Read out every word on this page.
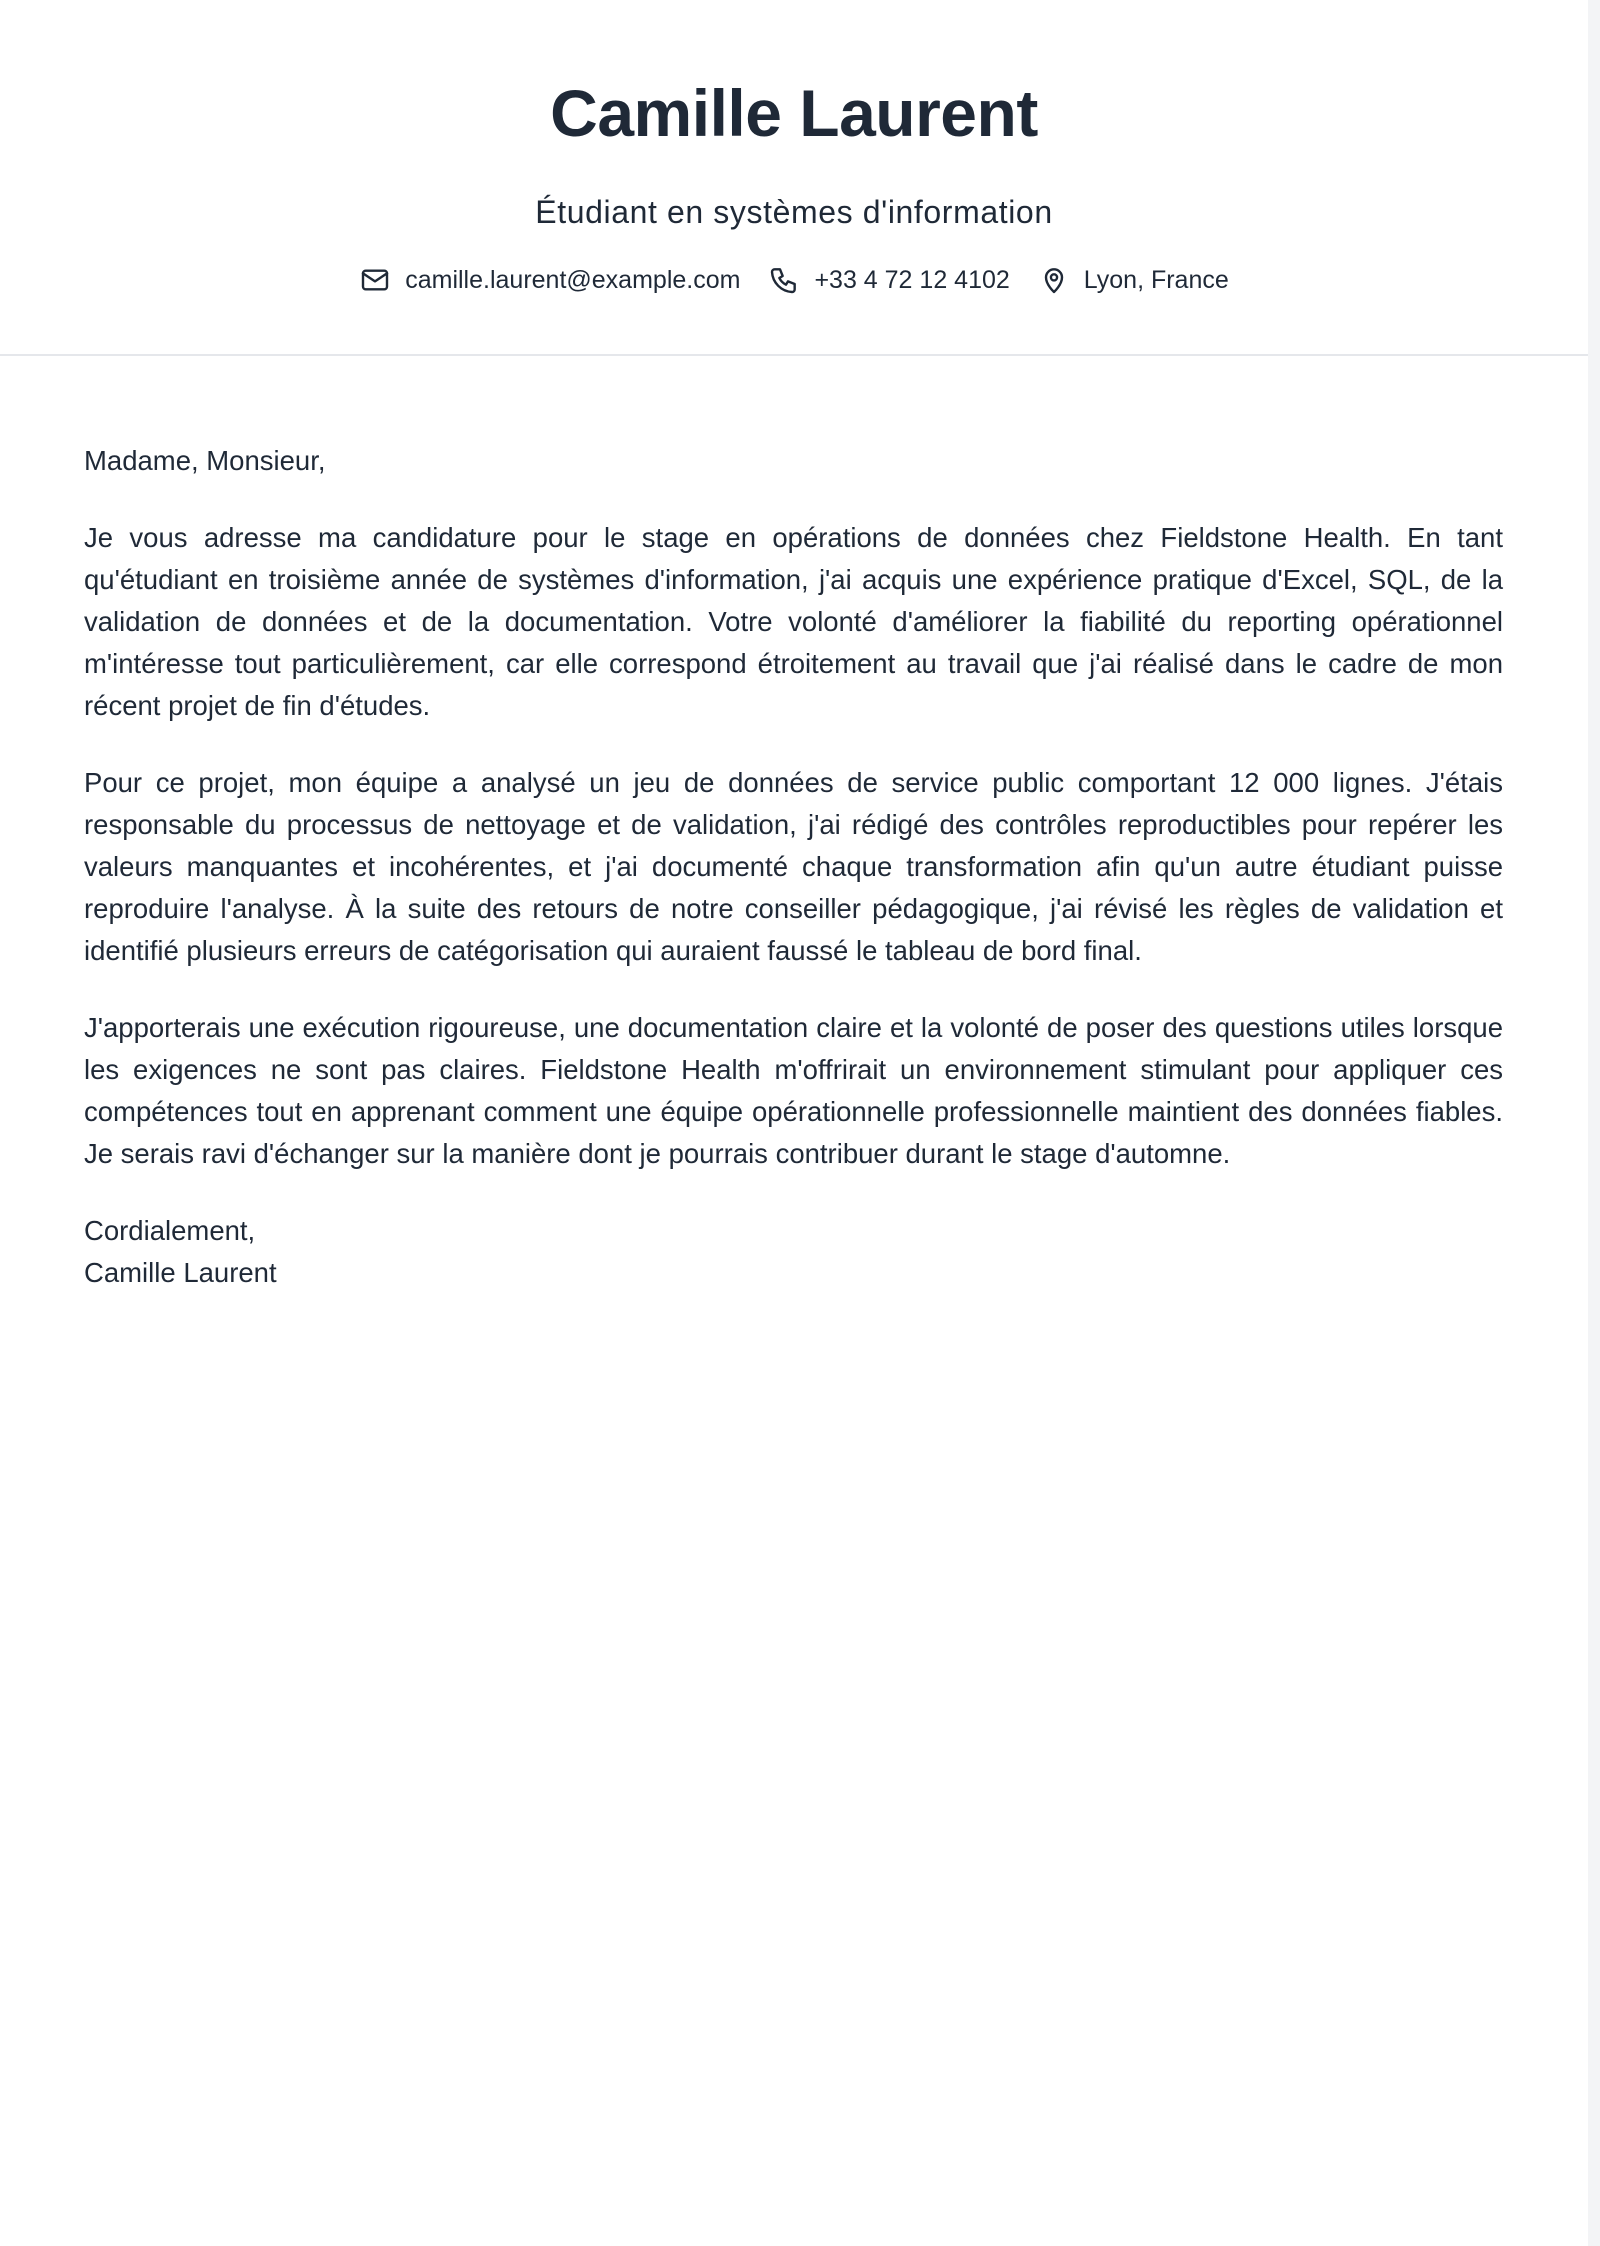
Camille Laurent
Étudiant en systèmes d'information
camille.laurent@example.com	+33 4 72 12 4102	Lyon, France

Madame, Monsieur,

Je vous adresse ma candidature pour le stage en opérations de données chez Fieldstone Health. En tant qu'étudiant en troisième année de systèmes d'information, j'ai acquis une expérience pratique d'Excel, SQL, de la validation de données et de la documentation. Votre volonté d'améliorer la fiabilité du reporting opérationnel m'intéresse tout particulièrement, car elle correspond étroitement au travail que j'ai réalisé dans le cadre de mon récent projet de fin d'études.

Pour ce projet, mon équipe a analysé un jeu de données de service public comportant 12 000 lignes. J'étais responsable du processus de nettoyage et de validation, j'ai rédigé des contrôles reproductibles pour repérer les valeurs manquantes et incohérentes, et j'ai documenté chaque transformation afin qu'un autre étudiant puisse reproduire l'analyse. À la suite des retours de notre conseiller pédagogique, j'ai révisé les règles de validation et identifié plusieurs erreurs de catégorisation qui auraient faussé le tableau de bord final.

J'apporterais une exécution rigoureuse, une documentation claire et la volonté de poser des questions utiles lorsque les exigences ne sont pas claires. Fieldstone Health m'offrirait un environnement stimulant pour appliquer ces compétences tout en apprenant comment une équipe opérationnelle professionnelle maintient des données fiables. Je serais ravi d'échanger sur la manière dont je pourrais contribuer durant le stage d'automne.

Cordialement,
Camille Laurent
